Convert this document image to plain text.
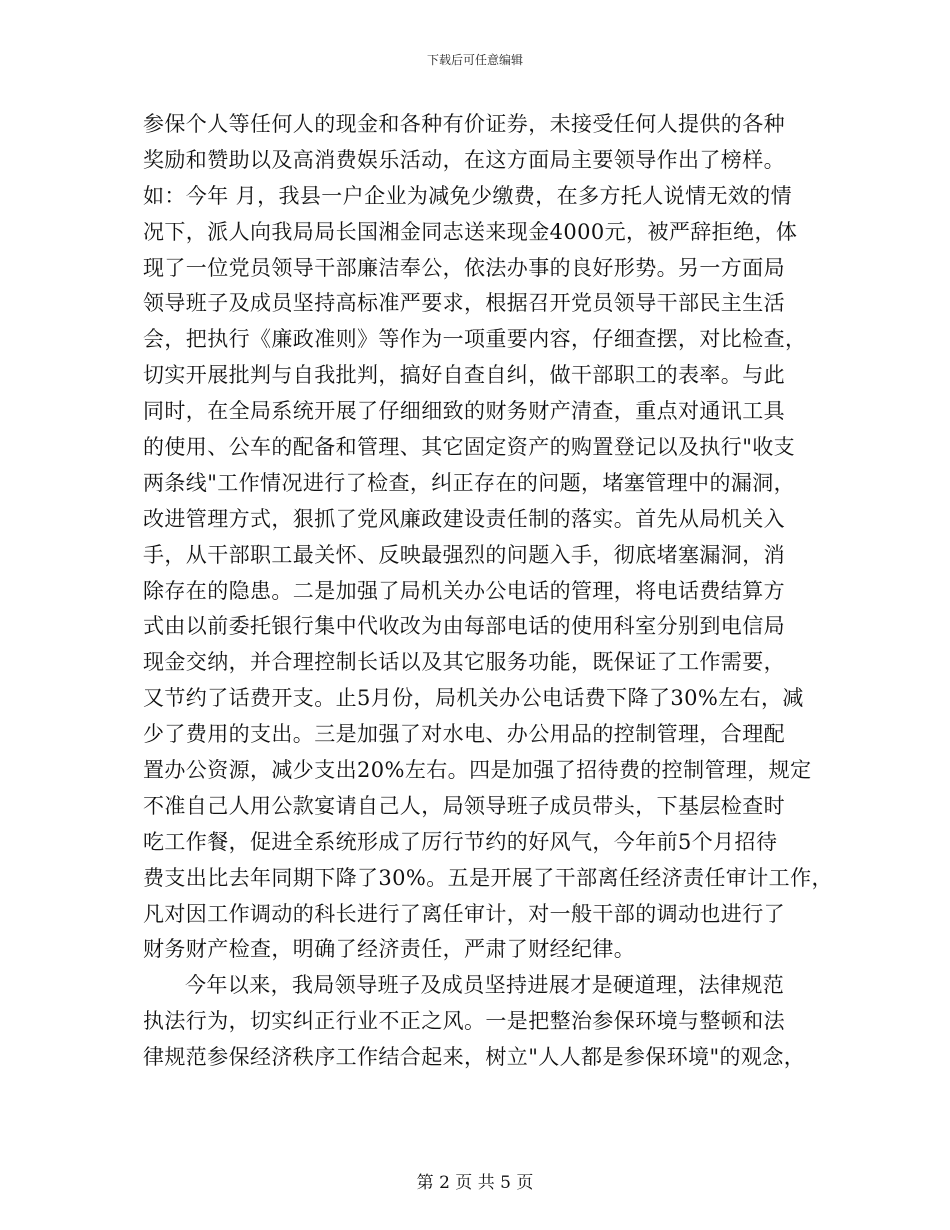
下载后可任意编辑
参保个人等任何人的现金和各种有价证券，未接受任何人提供的各种
奖励和赞助以及高消费娱乐活动，在这方面局主要领导作出了榜样。
如：今年 月，我县一户企业为减免少缴费，在多方托人说情无效的情
况下，派人向我局局长国湘金同志送来现金4000元，被严辞拒绝，体
现了一位党员领导干部廉洁奉公，依法办事的良好形势。另一方面局
领导班子及成员坚持高标准严要求，根据召开党员领导干部民主生活
会，把执行《廉政准则》等作为一项重要内容，仔细查摆，对比检查，
切实开展批判与自我批判，搞好自查自纠，做干部职工的表率。与此
同时，在全局系统开展了仔细细致的财务财产清查，重点对通讯工具
的使用、公车的配备和管理、其它固定资产的购置登记以及执行"收支
两条线"工作情况进行了检查，纠正存在的问题，堵塞管理中的漏洞，
改进管理方式，狠抓了党风廉政建设责任制的落实。首先从局机关入
手，从干部职工最关怀、反映最强烈的问题入手，彻底堵塞漏洞，消
除存在的隐患。二是加强了局机关办公电话的管理，将电话费结算方
式由以前委托银行集中代收改为由每部电话的使用科室分别到电信局
现金交纳，并合理控制长话以及其它服务功能，既保证了工作需要，
又节约了话费开支。止5月份，局机关办公电话费下降了30%左右，减
少了费用的支出。三是加强了对水电、办公用品的控制管理，合理配
置办公资源，减少支出20%左右。四是加强了招待费的控制管理，规定
不准自己人用公款宴请自己人，局领导班子成员带头，下基层检查时
吃工作餐，促进全系统形成了厉行节约的好风气，今年前5个月招待
费支出比去年同期下降了30%。五是开展了干部离任经济责任审计工作，
凡对因工作调动的科长进行了离任审计，对一般干部的调动也进行了
财务财产检查，明确了经济责任，严肃了财经纪律。
今年以来，我局领导班子及成员坚持进展才是硬道理，法律规范
执法行为，切实纠正行业不正之风。一是把整治参保环境与整顿和法
律规范参保经济秩序工作结合起来，树立"人人都是参保环境"的观念，
第 2 页 共 5 页
